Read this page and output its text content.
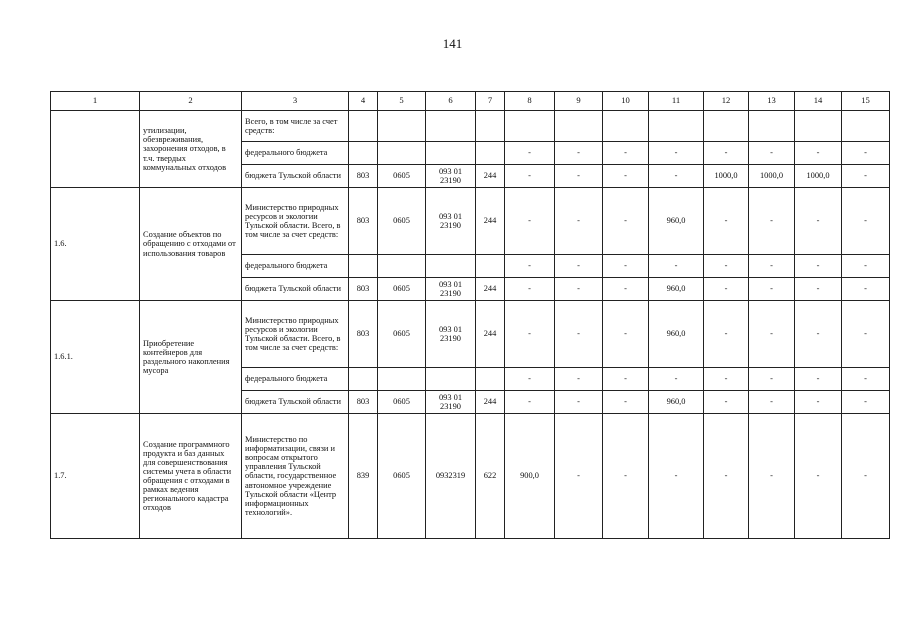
141
1	2	3	4	5	6	7	8	9	10	11	12	13	14	15
	утилизации, обезвреживания, захоронения отходов, в т.ч. твердых коммунальных отходов	Всего, в том числе за счет средств:												
		федерального бюджета					-	-	-	-	-	-	-	-
		бюджета Тульской области	803	0605	093 01 23190	244	-	-	-	-	1000,0	1000,0	1000,0	-
1.6.	Создание объектов по обращению с отходами от использования товаров	Министерство природных ресурсов и экологии Тульской области. Всего, в том числе за счет средств:	803	0605	093 01 23190	244	-	-	-	960,0	-	-	-	-
		федерального бюджета					-	-	-	-	-	-	-	-
		бюджета Тульской области	803	0605	093 01 23190	244	-	-	-	960,0	-	-	-	-
1.6.1.	Приобретение контейнеров для раздельного накопления мусора	Министерство природных ресурсов и экологии Тульской области. Всего, в том числе за счет средств:	803	0605	093 01 23190	244	-	-	-	960,0	-	-	-	-
		федерального бюджета					-	-	-	-	-	-	-	-
		бюджета Тульской области	803	0605	093 01 23190	244	-	-	-	960,0	-	-	-	-
1.7.	Создание программного продукта и баз данных для совершенствования системы учета в области обращения с отходами в рамках ведения регионального кадастра отходов	Министерство по информатизации, связи и вопросам открытого управления Тульской области, государственное автономное учреждение Тульской области «Центр информационных технологий».	839	0605	0932319	622	900,0	-	-	-	-	-	-	-
